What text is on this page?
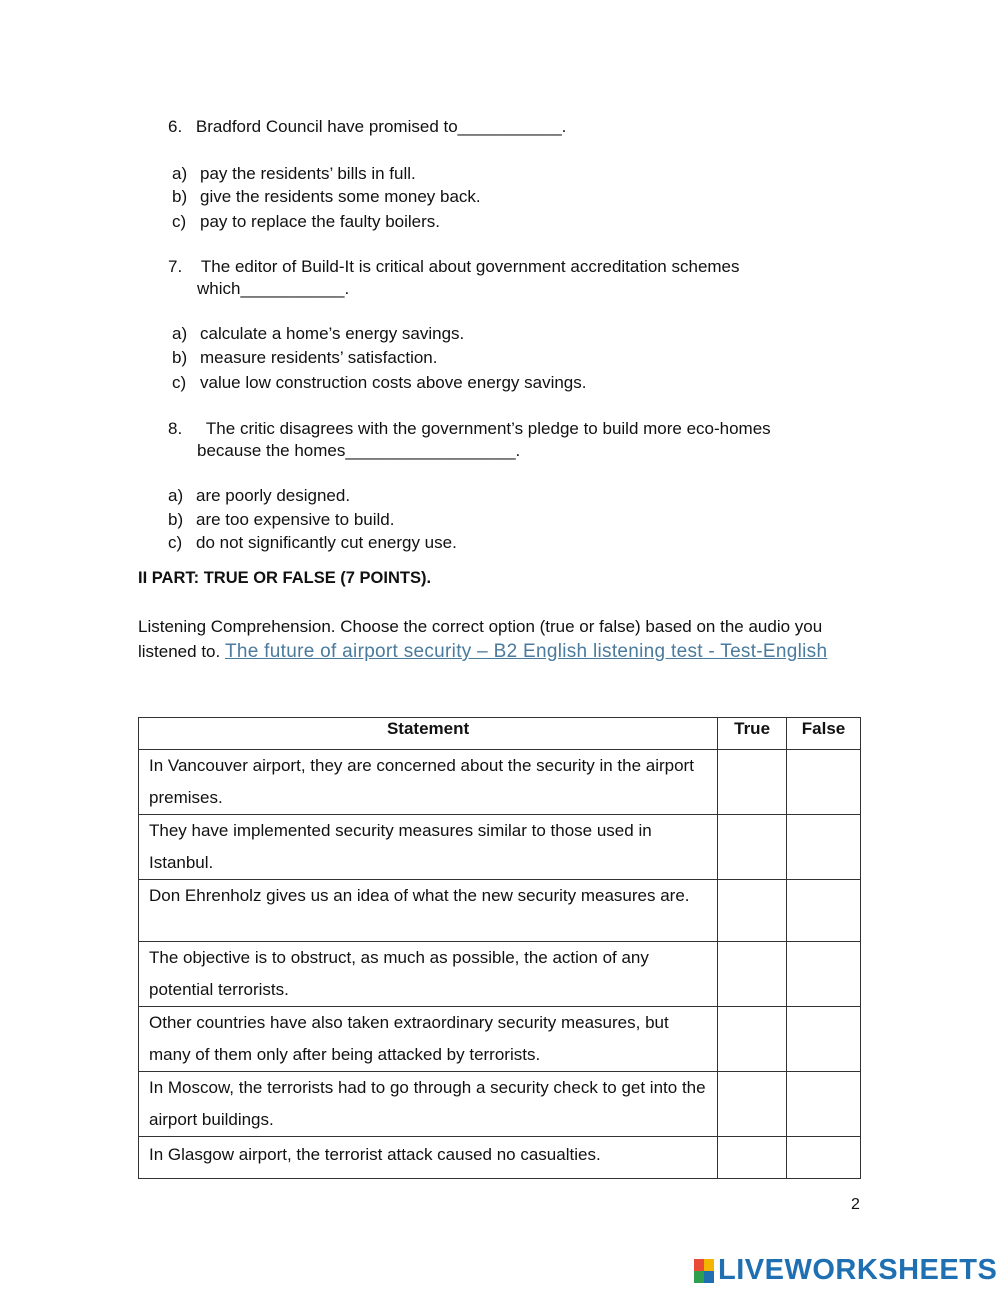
6. Bradford Council have promised to___________.
a) pay the residents’ bills in full.
b) give the residents some money back.
c) pay to replace the faulty boilers.
7. The editor of Build-It is critical about government accreditation schemes
which___________.
a) calculate a home’s energy savings.
b) measure residents’ satisfaction.
c) value low construction costs above energy savings.
8. The critic disagrees with the government’s pledge to build more eco-homes
because the homes__________________.
a) are poorly designed.
b) are too expensive to build.
c) do not significantly cut energy use.
II PART: TRUE OR FALSE (7 POINTS).
Listening Comprehension. Choose the correct option (true or false) based on the audio you listened to. The future of airport security – B2 English listening test - Test-English
Statement	True	False
In Vancouver airport, they are concerned about the security in the airport premises.		
They have implemented security measures similar to those used in Istanbul.		
Don Ehrenholz gives us an idea of what the new security measures are.		
The objective is to obstruct, as much as possible, the action of any potential terrorists.		
Other countries have also taken extraordinary security measures, but many of them only after being attacked by terrorists.		
In Moscow, the terrorists had to go through a security check to get into the airport buildings.		
In Glasgow airport, the terrorist attack caused no casualties.		
2
LIVEWORKSHEETS
